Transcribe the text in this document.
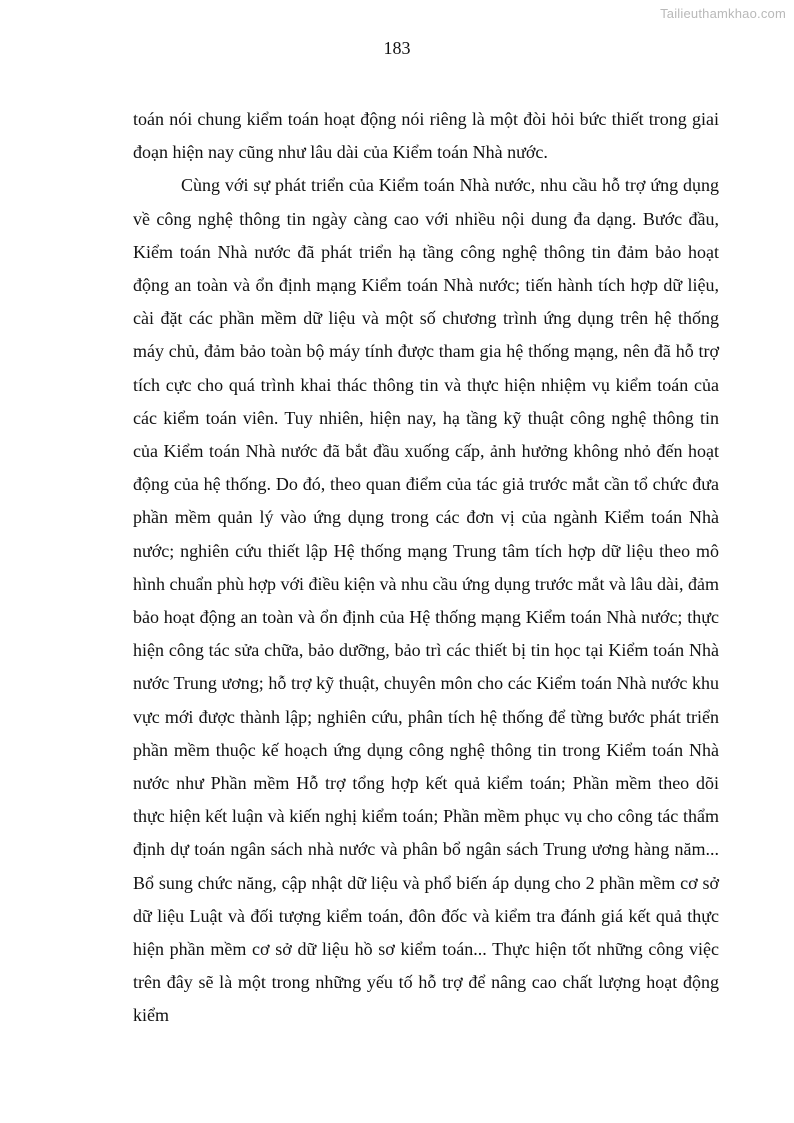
Tailieuthamkhao.com
183

toán nói chung kiểm toán hoạt động nói riêng là một đòi hỏi bức thiết trong giai đoạn hiện nay cũng như lâu dài của Kiểm toán Nhà nước.

Cùng với sự phát triển của Kiểm toán Nhà nước, nhu cầu hỗ trợ ứng dụng về công nghệ thông tin ngày càng cao với nhiều nội dung đa dạng. Bước đầu, Kiểm toán Nhà nước đã phát triển hạ tầng công nghệ thông tin đảm bảo hoạt động an toàn và ổn định mạng Kiểm toán Nhà nước; tiến hành tích hợp dữ liệu, cài đặt các phần mềm dữ liệu và một số chương trình ứng dụng trên hệ thống máy chủ, đảm bảo toàn bộ máy tính được tham gia hệ thống mạng, nên đã hỗ trợ tích cực cho quá trình khai thác thông tin và thực hiện nhiệm vụ kiểm toán của các kiểm toán viên. Tuy nhiên, hiện nay, hạ tầng kỹ thuật công nghệ thông tin của Kiểm toán Nhà nước đã bắt đầu xuống cấp, ảnh hưởng không nhỏ đến hoạt động của hệ thống. Do đó, theo quan điểm của tác giả trước mắt cần tổ chức đưa phần mềm quản lý vào ứng dụng trong các đơn vị của ngành Kiểm toán Nhà nước; nghiên cứu thiết lập Hệ thống mạng Trung tâm tích hợp dữ liệu theo mô hình chuẩn phù hợp với điều kiện và nhu cầu ứng dụng trước mắt và lâu dài, đảm bảo hoạt động an toàn và ổn định của Hệ thống mạng Kiểm toán Nhà nước; thực hiện công tác sửa chữa, bảo dưỡng, bảo trì các thiết bị tin học tại Kiểm toán Nhà nước Trung ương; hỗ trợ kỹ thuật, chuyên môn cho các Kiểm toán Nhà nước khu vực mới được thành lập; nghiên cứu, phân tích hệ thống để từng bước phát triển phần mềm thuộc kế hoạch ứng dụng công nghệ thông tin trong Kiểm toán Nhà nước như Phần mềm Hỗ trợ tổng hợp kết quả kiểm toán; Phần mềm theo dõi thực hiện kết luận và kiến nghị kiểm toán; Phần mềm phục vụ cho công tác thẩm định dự toán ngân sách nhà nước và phân bổ ngân sách Trung ương hàng năm... Bổ sung chức năng, cập nhật dữ liệu và phổ biến áp dụng cho 2 phần mềm cơ sở dữ liệu Luật và đối tượng kiểm toán, đôn đốc và kiểm tra đánh giá kết quả thực hiện phần mềm cơ sở dữ liệu hồ sơ kiểm toán... Thực hiện tốt những công việc trên đây sẽ là một trong những yếu tố hỗ trợ để nâng cao chất lượng hoạt động kiểm
